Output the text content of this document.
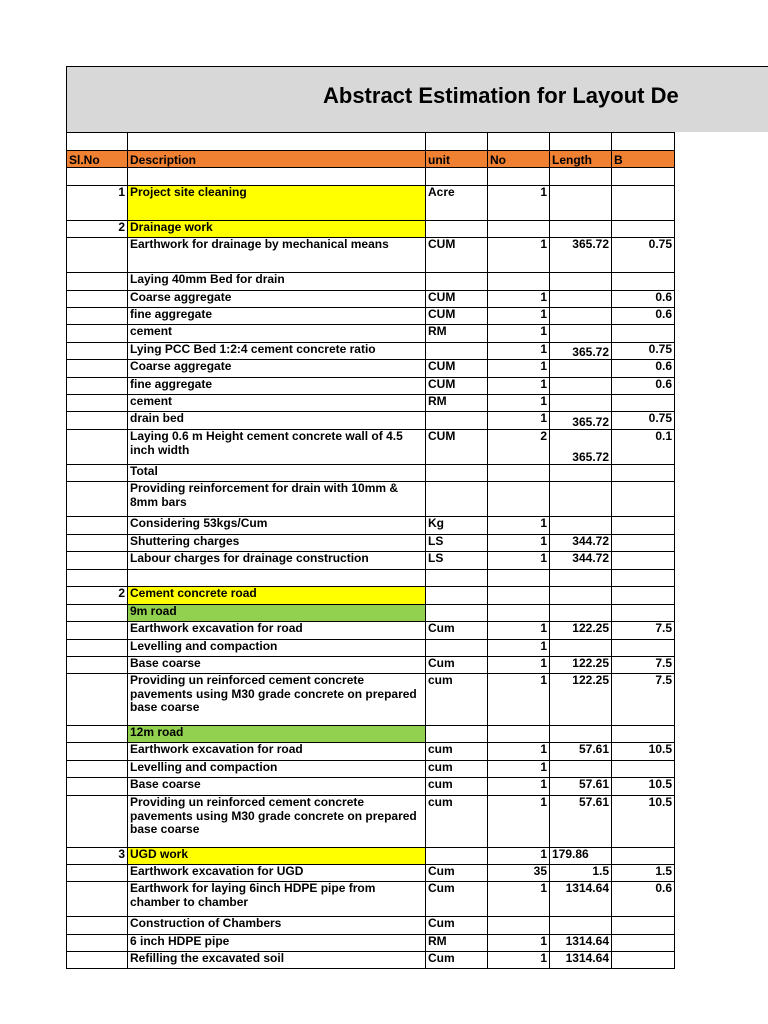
Abstract Estimation for Layout De

Sl.No	Description	unit	No	Length	B

1	Project site cleaning	Acre	1		
2	Drainage work				
	Earthwork for drainage by mechanical means	CUM	1	365.72	0.75
	Laying 40mm Bed for drain				
	Coarse aggregate	CUM	1		0.6
	fine aggregate	CUM	1		0.6
	cement	RM	1		
	Lying PCC Bed 1:2:4 cement concrete ratio		1	365.72	0.75
	Coarse aggregate	CUM	1		0.6
	fine aggregate	CUM	1		0.6
	cement	RM	1		
	drain bed		1	365.72	0.75
	Laying 0.6 m Height cement concrete wall of 4.5 inch width	CUM	2	365.72	0.1
	Total				
	Providing reinforcement for drain with 10mm & 8mm bars				
	Considering 53kgs/Cum	Kg	1		
	Shuttering charges	LS	1	344.72	
	Labour charges for drainage construction	LS	1	344.72	

2	Cement concrete road				
	9m road				
	Earthwork excavation for road	Cum	1	122.25	7.5
	Levelling and compaction		1		
	Base coarse	Cum	1	122.25	7.5
	Providing un reinforced cement concrete pavements using M30 grade concrete on prepared base coarse	cum	1	122.25	7.5
	12m road				
	Earthwork excavation for road	cum	1	57.61	10.5
	Levelling and compaction	cum	1		
	Base coarse	cum	1	57.61	10.5
	Providing un reinforced cement concrete pavements using M30 grade concrete on prepared base coarse	cum	1	57.61	10.5
3	UGD work		1	179.86	
	Earthwork excavation for UGD	Cum	35	1.5	1.5
	Earthwork for laying 6inch HDPE pipe from chamber to chamber	Cum	1	1314.64	0.6
	Construction of Chambers	Cum			
	6 inch HDPE pipe	RM	1	1314.64	
	Refilling the excavated soil	Cum	1	1314.64	
